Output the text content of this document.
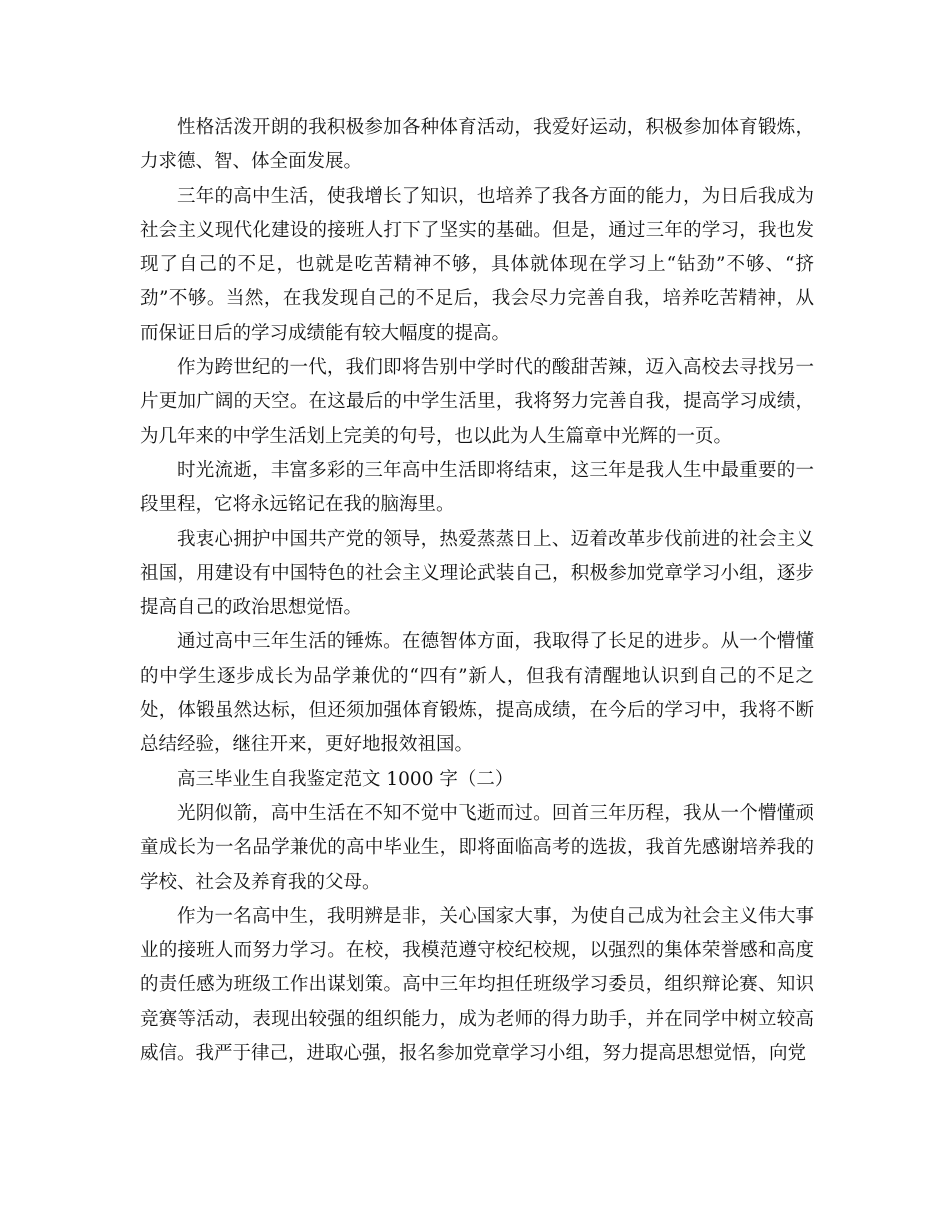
性格活泼开朗的我积极参加各种体育活动，我爱好运动，积极参加体育锻炼，力求德、智、体全面发展。

三年的高中生活，使我增长了知识，也培养了我各方面的能力，为日后我成为社会主义现代化建设的接班人打下了坚实的基础。但是，通过三年的学习，我也发现了自己的不足，也就是吃苦精神不够，具体就体现在学习上“钻劲”不够、“挤劲”不够。当然，在我发现自己的不足后，我会尽力完善自我，培养吃苦精神，从而保证日后的学习成绩能有较大幅度的提高。

作为跨世纪的一代，我们即将告别中学时代的酸甜苦辣，迈入高校去寻找另一片更加广阔的天空。在这最后的中学生活里，我将努力完善自我，提高学习成绩，为几年来的中学生活划上完美的句号，也以此为人生篇章中光辉的一页。

时光流逝，丰富多彩的三年高中生活即将结束，这三年是我人生中最重要的一段里程，它将永远铭记在我的脑海里。

我衷心拥护中国共产党的领导，热爱蒸蒸日上、迈着改革步伐前进的社会主义祖国，用建设有中国特色的社会主义理论武装自己，积极参加党章学习小组，逐步提高自己的政治思想觉悟。

通过高中三年生活的锤炼。在德智体方面，我取得了长足的进步。从一个懵懂的中学生逐步成长为品学兼优的“四有”新人，但我有清醒地认识到自己的不足之处，体锻虽然达标，但还须加强体育锻炼，提高成绩，在今后的学习中，我将不断总结经验，继往开来，更好地报效祖国。

高三毕业生自我鉴定范文 1000 字（二）

光阴似箭，高中生活在不知不觉中飞逝而过。回首三年历程，我从一个懵懂顽童成长为一名品学兼优的高中毕业生，即将面临高考的选拔，我首先感谢培养我的学校、社会及养育我的父母。

作为一名高中生，我明辨是非，关心国家大事，为使自己成为社会主义伟大事业的接班人而努力学习。在校，我模范遵守校纪校规，以强烈的集体荣誉感和高度的责任感为班级工作出谋划策。高中三年均担任班级学习委员，组织辩论赛、知识竞赛等活动，表现出较强的组织能力，成为老师的得力助手，并在同学中树立较高威信。我严于律己，进取心强，报名参加党章学习小组，努力提高思想觉悟，向党
